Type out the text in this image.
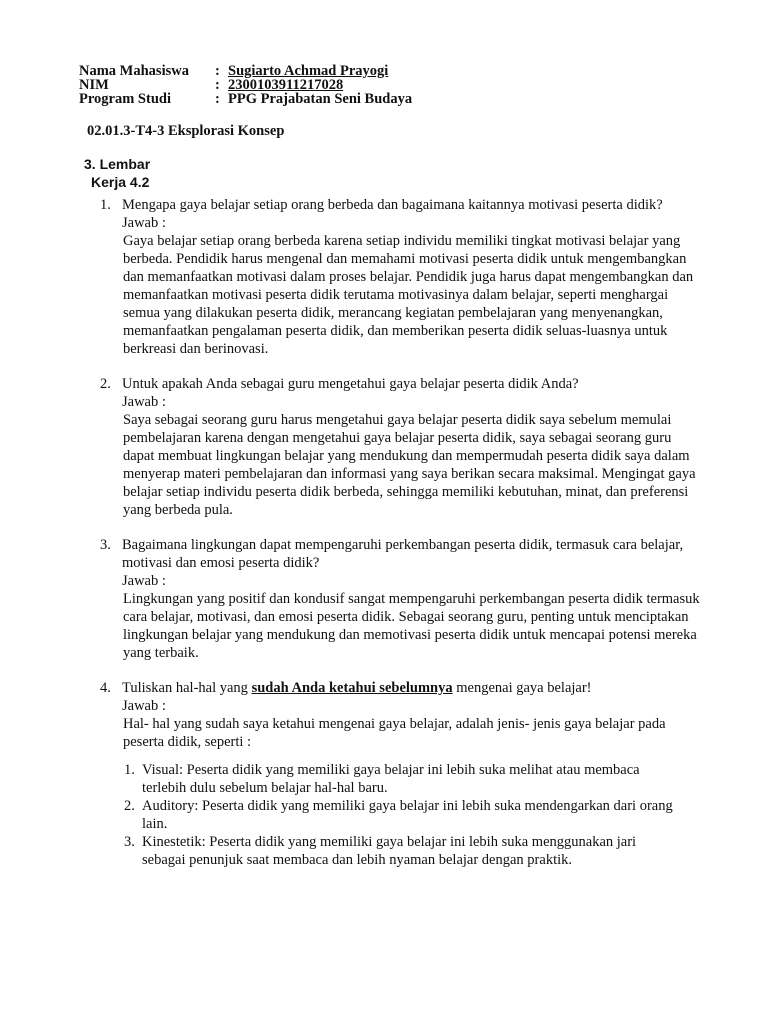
Nama Mahasiswa	: Sugiarto Achmad Prayogi
NIM	: 2300103911217028
Program Studi	: PPG Prajabatan Seni Budaya
02.01.3-T4-3 Eksplorasi Konsep
3. Lembar
Kerja 4.2
1. Mengapa gaya belajar setiap orang berbeda dan bagaimana kaitannya motivasi peserta didik?

Jawab :

Gaya belajar setiap orang berbeda karena setiap individu memiliki tingkat motivasi belajar yang berbeda. Pendidik harus mengenal dan memahami motivasi peserta didik untuk mengembangkan dan memanfaatkan motivasi dalam proses belajar. Pendidik juga harus dapat mengembangkan dan memanfaatkan motivasi peserta didik terutama motivasinya dalam belajar, seperti menghargai semua yang dilakukan peserta didik, merancang kegiatan pembelajaran yang menyenangkan, memanfaatkan pengalaman peserta didik, dan memberikan peserta didik seluas-luasnya untuk berkreasi dan berinovasi.

2. Untuk apakah Anda sebagai guru mengetahui gaya belajar peserta didik Anda?

Jawab :

Saya sebagai seorang guru harus mengetahui gaya belajar peserta didik saya sebelum memulai pembelajaran karena dengan mengetahui gaya belajar peserta didik, saya sebagai seorang guru dapat membuat lingkungan belajar yang mendukung dan mempermudah peserta didik saya dalam menyerap materi pembelajaran dan informasi yang saya berikan secara maksimal. Mengingat gaya belajar setiap individu peserta didik berbeda, sehingga memiliki kebutuhan, minat, dan preferensi yang berbeda pula.

3. Bagaimana lingkungan dapat mempengaruhi perkembangan peserta didik, termasuk cara belajar, motivasi dan emosi peserta didik?

Jawab :

Lingkungan yang positif dan kondusif sangat mempengaruhi perkembangan peserta didik termasuk cara belajar, motivasi, dan emosi peserta didik. Sebagai seorang guru, penting untuk menciptakan lingkungan belajar yang mendukung dan memotivasi peserta didik untuk mencapai potensi mereka yang terbaik.

4. Tuliskan hal-hal yang sudah Anda ketahui sebelumnya mengenai gaya belajar!

Jawab :

Hal- hal yang sudah saya ketahui mengenai gaya belajar, adalah jenis- jenis gaya belajar pada peserta didik, seperti :

1. Visual: Peserta didik yang memiliki gaya belajar ini lebih suka melihat atau membaca terlebih dulu sebelum belajar hal-hal baru.
2. Auditory: Peserta didik yang memiliki gaya belajar ini lebih suka mendengarkan dari orang lain.
3. Kinestetik: Peserta didik yang memiliki gaya belajar ini lebih suka menggunakan jari sebagai penunjuk saat membaca dan lebih nyaman belajar dengan praktik.
